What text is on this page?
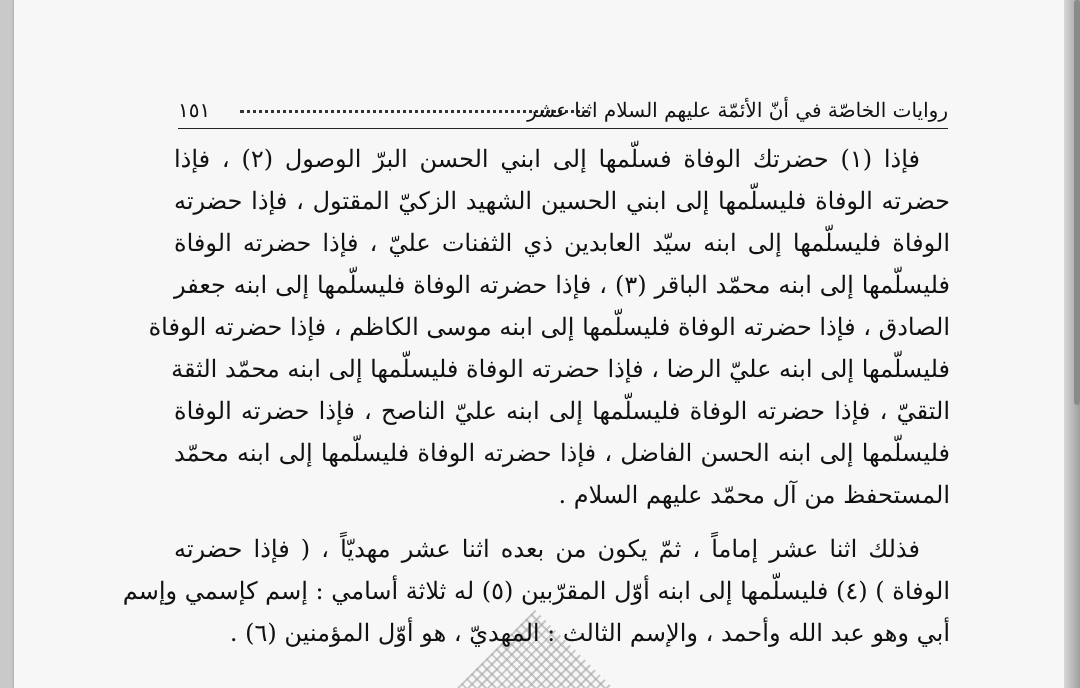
١٥١	روايات الخاصّة في أنّ الأئمّة عليهم السلام اثنا عشر
فإذا (١) حضرتك الوفاة فسلّمها إلى ابني الحسن البرّ الوصول (٢) ، فإذا
حضرته الوفاة فليسلّمها إلى ابني الحسين الشهيد الزكيّ المقتول ، فإذا حضرته
الوفاة فليسلّمها إلى ابنه سيّد العابدين ذي الثفنات عليّ ، فإذا حضرته الوفاة
فليسلّمها إلى ابنه محمّد الباقر (٣) ، فإذا حضرته الوفاة فليسلّمها إلى ابنه جعفر
الصادق ، فإذا حضرته الوفاة فليسلّمها إلى ابنه موسى الكاظم ، فإذا حضرته الوفاة
فليسلّمها إلى ابنه عليّ الرضا ، فإذا حضرته الوفاة فليسلّمها إلى ابنه محمّد الثقة
التقيّ ، فإذا حضرته الوفاة فليسلّمها إلى ابنه عليّ الناصح ، فإذا حضرته الوفاة
فليسلّمها إلى ابنه الحسن الفاضل ، فإذا حضرته الوفاة فليسلّمها إلى ابنه محمّد
المستحفظ من آل محمّد عليهم السلام .
فذلك اثنا عشر إماماً ، ثمّ يكون من بعده اثنا عشر مهديّاً ، ( فإذا حضرته
الوفاة ) (٤) فليسلّمها إلى ابنه أوّل المقرّبين (٥) له ثلاثة أسامي : إسم كإسمي وإسم
أبي وهو عبد الله وأحمد ، والإسم الثالث : المهديّ ، هو أوّل المؤمنين (٦) .
